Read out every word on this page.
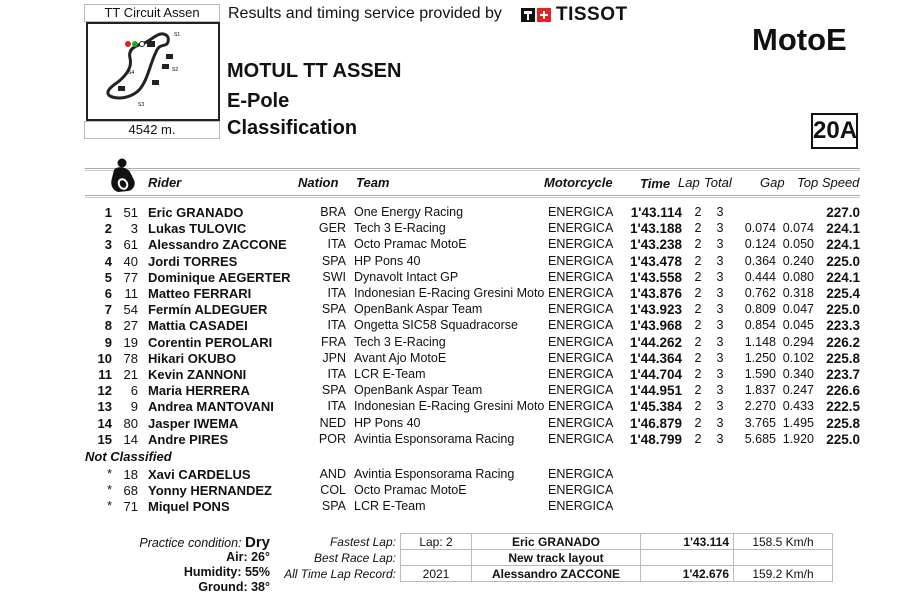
TT Circuit Assen
S1
S2
S3
S4
4542 m.
Results and timing service provided by	TISSOT
MOTUL TT ASSEN
E-Pole
Classification
MotoE
20A
Rider	Nation Team	Motorcycle Time Lap Total Gap Top Speed
1 51 Eric GRANADO	BRA One Energy Racing	ENERGICA	1'43.114 2 3	227.0
2	3 Lukas TULOVIC	GER Tech 3 E-Racing	ENERGICA	1'43.188 2 3	0.074 0.074 224.1
3 61 Alessandro ZACCONE	ITA Octo Pramac MotoE	ENERGICA	1'43.238 2 3	0.124 0.050 224.1
4 40 Jordi TORRES	SPA HP Pons 40	ENERGICA	1'43.478 2 3	0.364 0.240 225.0
5 77 Dominique AEGERTER	SWI Dynavolt Intact GP	ENERGICA	1'43.558 2 3	0.444 0.080 224.1
6 11 Matteo FERRARI	ITA Indonesian E-Racing Gresini Moto ENERGICA	1'43.876 2 3	0.762 0.318 225.4
7 54 Fermín ALDEGUER	SPA OpenBank Aspar Team	ENERGICA	1'43.923 2 3	0.809 0.047 225.0
8 27 Mattia CASADEI	ITA Ongetta SIC58 Squadracorse ENERGICA	1'43.968 2 3	0.854 0.045 223.3
9 19 Corentin PEROLARI	FRA Tech 3 E-Racing	ENERGICA	1'44.262 2 3	1.148 0.294 226.2
10 78 Hikari OKUBO	JPN Avant Ajo MotoE	ENERGICA	1'44.364 2 3	1.250 0.102 225.8
11 21 Kevin ZANNONI	ITA LCR E-Team	ENERGICA	1'44.704 2 3	1.590 0.340 223.7
12	6 Maria HERRERA	SPA OpenBank Aspar Team	ENERGICA	1'44.951 2 3	1.837 0.247 226.6
13	9 Andrea MANTOVANI	ITA Indonesian E-Racing Gresini Moto ENERGICA	1'45.384 2 3	2.270 0.433 222.5
14 80 Jasper IWEMA	NED HP Pons 40	ENERGICA	1'46.879 2 3	3.765 1.495 225.8
15 14 Andre PIRES	POR Avintia Esponsorama Racing	ENERGICA	1'48.799 2 3	5.685 1.920 225.0
Not Classified
* 18 Xavi CARDELUS	AND Avintia Esponsorama Racing	ENERGICA
* 68 Yonny HERNANDEZ	COL Octo Pramac MotoE	ENERGICA
* 71 Miquel PONS	SPA LCR E-Team	ENERGICA
Practice condition: Dry
Air: 26°
Humidity: 55%
Ground: 38°
Fastest Lap:	Lap: 2	Eric GRANADO	1'43.114	158.5 Km/h
Best Race Lap:		New track layout		
All Time Lap Record:	2021	Alessandro ZACCONE	1'42.676	159.2 Km/h
